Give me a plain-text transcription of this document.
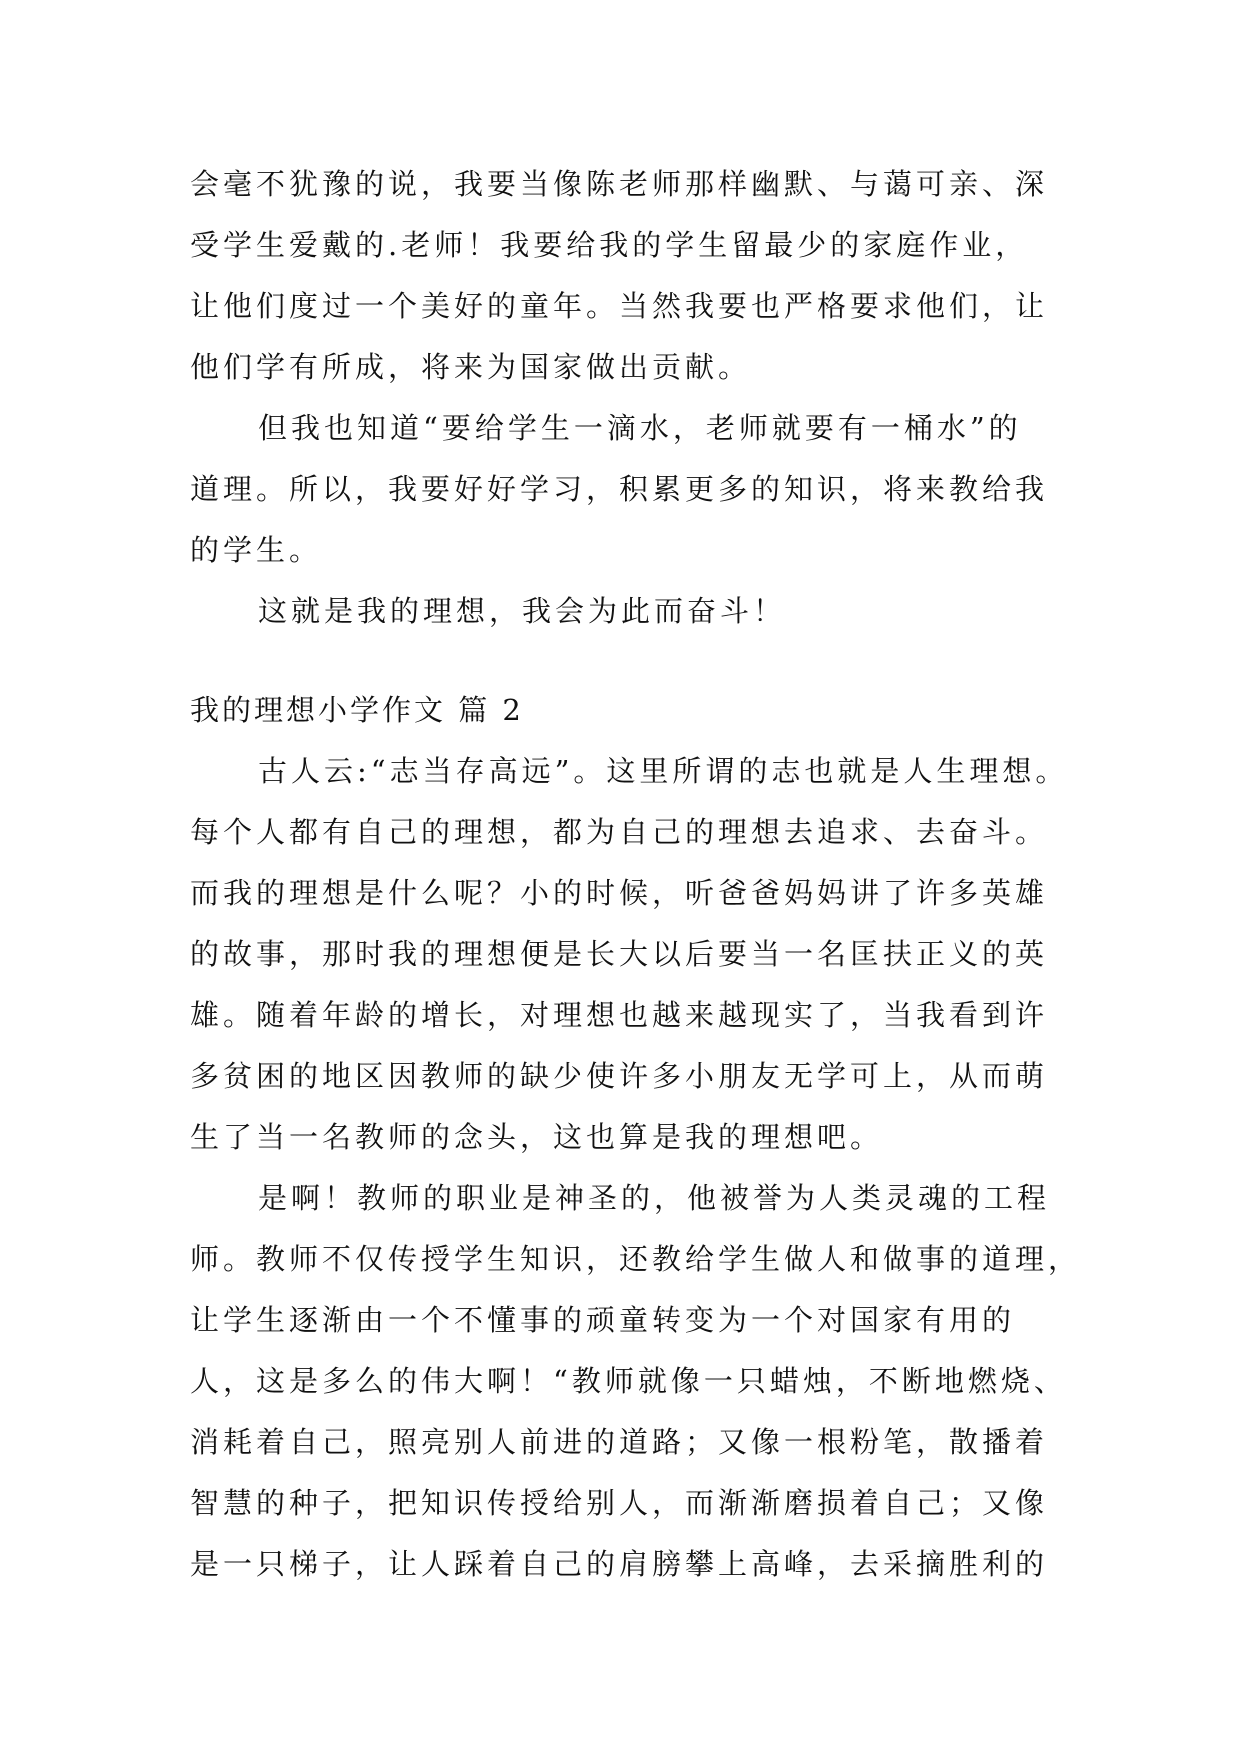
会毫不犹豫的说，我要当像陈老师那样幽默、与蔼可亲、深
受学生爱戴的.老师！我要给我的学生留最少的家庭作业，
让他们度过一个美好的童年。当然我要也严格要求他们，让
他们学有所成，将来为国家做出贡献。
但我也知道“要给学生一滴水，老师就要有一桶水”的
道理。所以，我要好好学习，积累更多的知识，将来教给我
的学生。
这就是我的理想，我会为此而奋斗！
我的理想小学作文 篇 2
古人云:“志当存高远”。这里所谓的志也就是人生理想。
每个人都有自己的理想，都为自己的理想去追求、去奋斗。
而我的理想是什么呢？小的时候，听爸爸妈妈讲了许多英雄
的故事，那时我的理想便是长大以后要当一名匡扶正义的英
雄。随着年龄的增长，对理想也越来越现实了，当我看到许
多贫困的地区因教师的缺少使许多小朋友无学可上，从而萌
生了当一名教师的念头，这也算是我的理想吧。
是啊！教师的职业是神圣的，他被誉为人类灵魂的工程
师。教师不仅传授学生知识，还教给学生做人和做事的道理，
让学生逐渐由一个不懂事的顽童转变为一个对国家有用的
人，这是多么的伟大啊！“教师就像一只蜡烛，不断地燃烧、
消耗着自己，照亮别人前进的道路；又像一根粉笔，散播着
智慧的种子，把知识传授给别人，而渐渐磨损着自己；又像
是一只梯子，让人踩着自己的肩膀攀上高峰，去采摘胜利的
